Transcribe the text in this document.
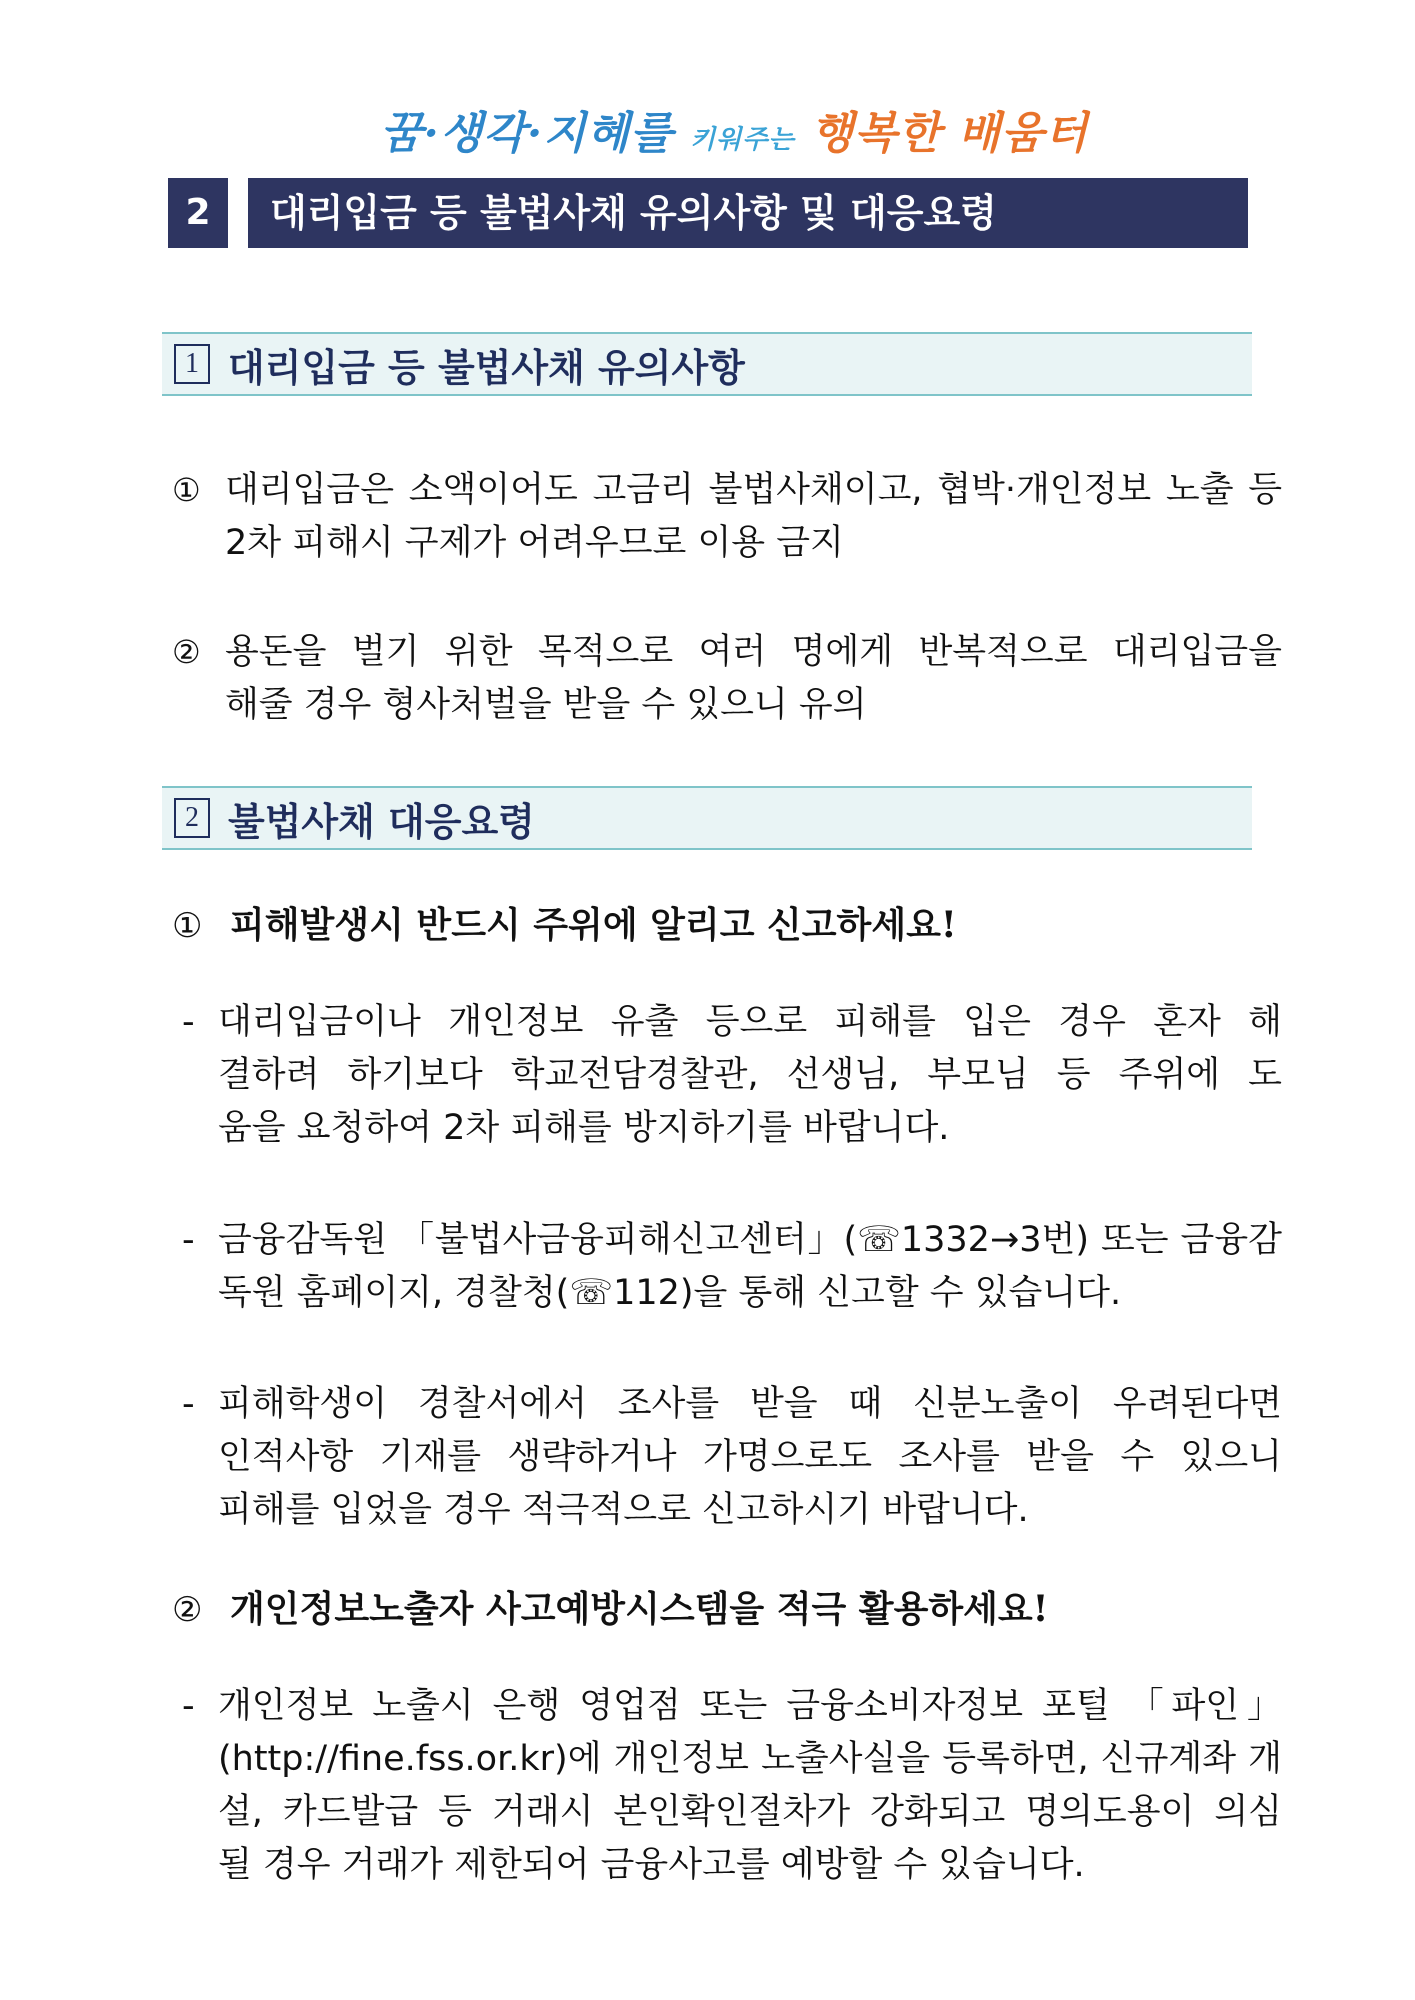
꿈·생각·지혜를 키워주는 행복한 배움터
2	대리입금 등 불법사채 유의사항 및 대응요령
1 대리입금 등 불법사채 유의사항
① 대리입금은 소액이어도 고금리 불법사채이고, 협박·개인정보 노출 등
2차 피해시 구제가 어려우므로 이용 금지
② 용돈을 벌기 위한 목적으로 여러 명에게 반복적으로 대리입금을
해줄 경우 형사처벌을 받을 수 있으니 유의
2 불법사채 대응요령
① 피해발생시 반드시 주위에 알리고 신고하세요!
- 대리입금이나 개인정보 유출 등으로 피해를 입은 경우 혼자 해
결하려 하기보다 학교전담경찰관, 선생님, 부모님 등 주위에 도
움을 요청하여 2차 피해를 방지하기를 바랍니다.
- 금융감독원 「불법사금융피해신고센터」(☏1332→3번) 또는 금융감
독원 홈페이지, 경찰청(☏112)을 통해 신고할 수 있습니다.
- 피해학생이 경찰서에서 조사를 받을 때 신분노출이 우려된다면
인적사항 기재를 생략하거나 가명으로도 조사를 받을 수 있으니
피해를 입었을 경우 적극적으로 신고하시기 바랍니다.
② 개인정보노출자 사고예방시스템을 적극 활용하세요!
- 개인정보 노출시 은행 영업점 또는 금융소비자정보 포털 「파인」
(http://fine.fss.or.kr)에 개인정보 노출사실을 등록하면, 신규계좌 개
설, 카드발급 등 거래시 본인확인절차가 강화되고 명의도용이 의심
될 경우 거래가 제한되어 금융사고를 예방할 수 있습니다.
